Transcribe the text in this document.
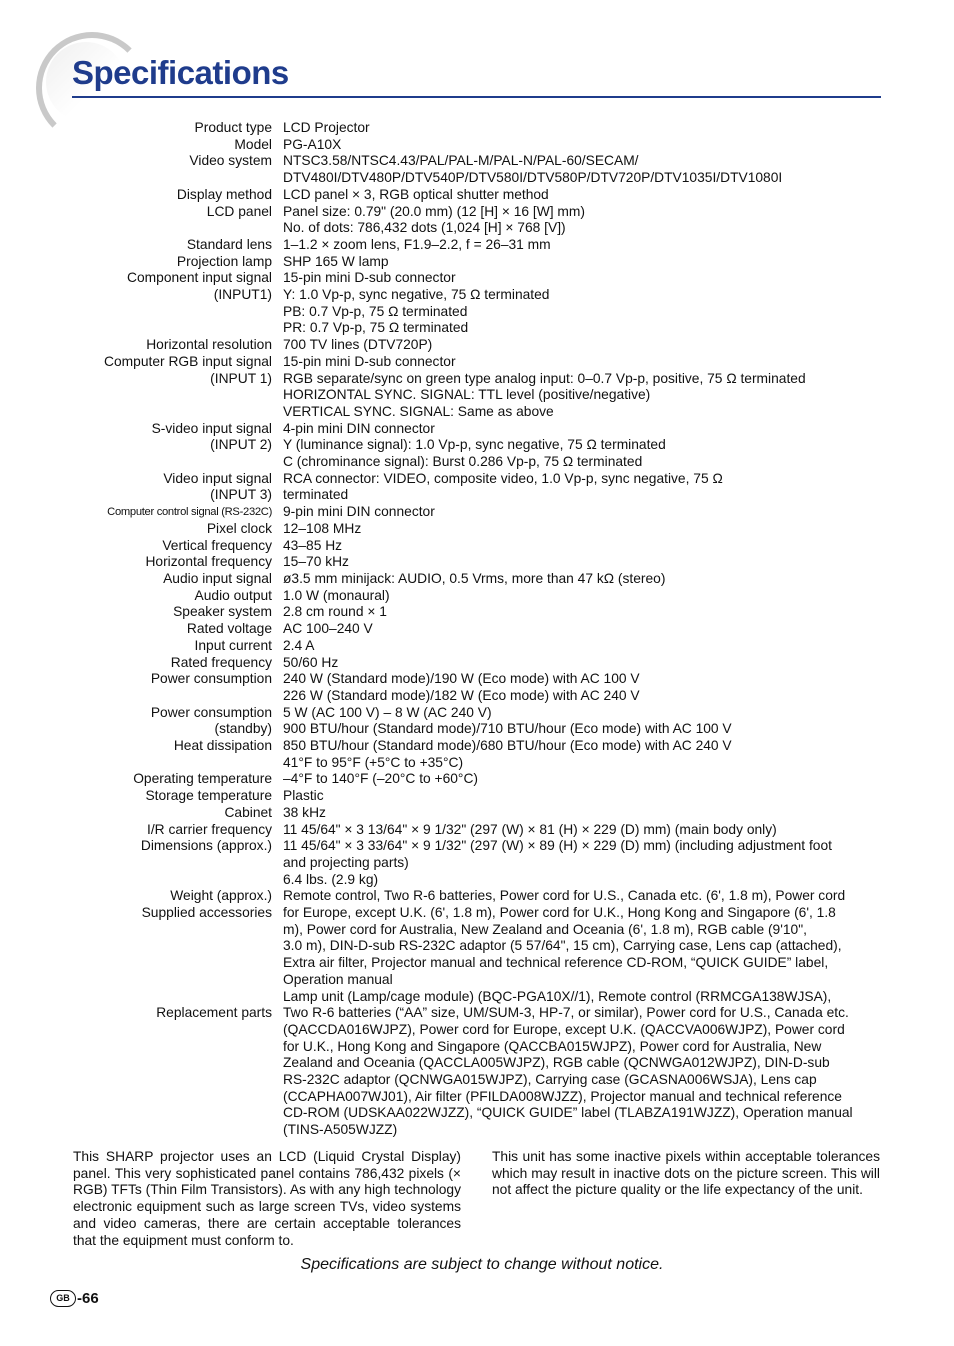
Specifications
Product type LCD Projector
Model PG-A10X
Video system NTSC3.58/NTSC4.43/PAL/PAL-M/PAL-N/PAL-60/SECAM/
DTV480I/DTV480P/DTV540P/DTV580I/DTV580P/DTV720P/DTV1035I/DTV1080I
Display method LCD panel × 3, RGB optical shutter method
LCD panel Panel size: 0.79" (20.0 mm) (12 [H] × 16 [W] mm)
No. of dots: 786,432 dots (1,024 [H] × 768 [V])
Standard lens 1–1.2 × zoom lens, F1.9–2.2, f = 26–31 mm
Projection lamp SHP 165 W lamp
Component input signal 15-pin mini D-sub connector
(INPUT1) Y: 1.0 Vp-p, sync negative, 75 Ω terminated
PB: 0.7 Vp-p, 75 Ω terminated
PR: 0.7 Vp-p, 75 Ω terminated
Horizontal resolution 700 TV lines (DTV720P)
Computer RGB input signal 15-pin mini D-sub connector
(INPUT 1) RGB separate/sync on green type analog input: 0–0.7 Vp-p, positive, 75 Ω terminated
HORIZONTAL SYNC. SIGNAL: TTL level (positive/negative)
VERTICAL SYNC. SIGNAL: Same as above
S-video input signal 4-pin mini DIN connector
(INPUT 2) Y (luminance signal): 1.0 Vp-p, sync negative, 75 Ω terminated
C (chrominance signal): Burst 0.286 Vp-p, 75 Ω terminated
Video input signal RCA connector: VIDEO, composite video, 1.0 Vp-p, sync negative, 75 Ω
(INPUT 3) terminated
Computer control signal (RS-232C) 9-pin mini DIN connector
Pixel clock 12–108 MHz
Vertical frequency 43–85 Hz
Horizontal frequency 15–70 kHz
Audio input signal ø3.5 mm minijack: AUDIO, 0.5 Vrms, more than 47 kΩ (stereo)
Audio output 1.0 W (monaural)
Speaker system 2.8 cm round × 1
Rated voltage AC 100–240 V
Input current 2.4 A
Rated frequency 50/60 Hz
Power consumption 240 W (Standard mode)/190 W (Eco mode) with AC 100 V
226 W (Standard mode)/182 W (Eco mode) with AC 240 V
Power consumption 5 W (AC 100 V) – 8 W (AC 240 V)
(standby) 900 BTU/hour (Standard mode)/710 BTU/hour (Eco mode) with AC 100 V
Heat dissipation 850 BTU/hour (Standard mode)/680 BTU/hour (Eco mode) with AC 240 V
41°F to 95°F (+5°C to +35°C)
Operating temperature –4°F to 140°F (–20°C to +60°C)
Storage temperature Plastic
Cabinet 38 kHz
I/R carrier frequency 11 45/64" × 3 13/64" × 9 1/32" (297 (W) × 81 (H) × 229 (D) mm) (main body only)
Dimensions (approx.) 11 45/64" × 3 33/64" × 9 1/32" (297 (W) × 89 (H) × 229 (D) mm) (including adjustment foot
and projecting parts)
6.4 lbs. (2.9 kg)
Weight (approx.) Remote control, Two R-6 batteries, Power cord for U.S., Canada etc. (6', 1.8 m), Power cord
Supplied accessories for Europe, except U.K. (6', 1.8 m), Power cord for U.K., Hong Kong and Singapore (6', 1.8
m), Power cord for Australia, New Zealand and Oceania (6', 1.8 m), RGB cable (9'10",
3.0 m), DIN-D-sub RS-232C adaptor (5 57/64", 15 cm), Carrying case, Lens cap (attached),
Extra air filter, Projector manual and technical reference CD-ROM, “QUICK GUIDE” label,
Operation manual
Lamp unit (Lamp/cage module) (BQC-PGA10X//1), Remote control (RRMCGA138WJSA),
Replacement parts Two R-6 batteries (“AA” size, UM/SUM-3, HP-7, or similar), Power cord for U.S., Canada etc.
(QACCDA016WJPZ), Power cord for Europe, except U.K. (QACCVA006WJPZ), Power cord
for U.K., Hong Kong and Singapore (QACCBA015WJPZ), Power cord for Australia, New
Zealand and Oceania (QACCLA005WJPZ), RGB cable (QCNWGA012WJPZ), DIN-D-sub
RS-232C adaptor (QCNWGA015WJPZ), Carrying case (GCASNA006WSJA), Lens cap
(CCAPHA007WJ01), Air filter (PFILDA008WJZZ), Projector manual and technical reference
CD-ROM (UDSKAA022WJZZ), “QUICK GUIDE” label (TLABZA191WJZZ), Operation manual
(TINS-A505WJZZ)
This SHARP projector uses an LCD (Liquid Crystal Display) panel. This very sophisticated panel contains 786,432 pixels (× RGB) TFTs (Thin Film Transistors). As with any high technology electronic equipment such as large screen TVs, video systems and video cameras, there are certain acceptable tolerances that the equipment must conform to.
This unit has some inactive pixels within acceptable tolerances which may result in inactive dots on the picture screen. This will not affect the picture quality or the life expectancy of the unit.
Specifications are subject to change without notice.
GB -66
